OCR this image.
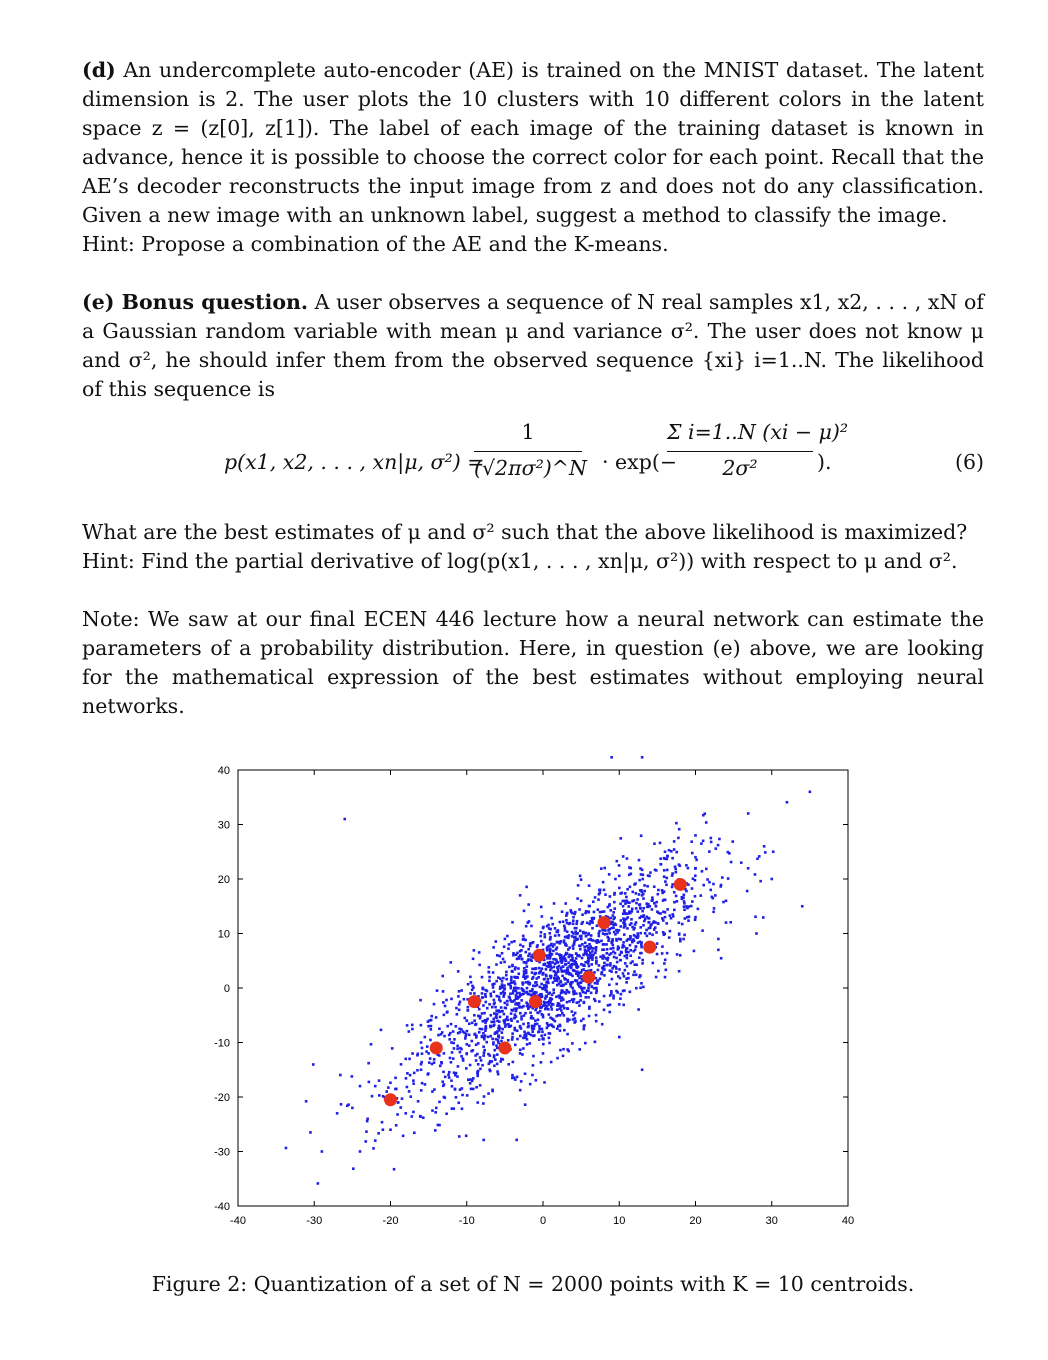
(d) An undercomplete auto-encoder (AE) is trained on the MNIST dataset. The latent dimension is 2. The user plots the 10 clusters with 10 different colors in the latent space z = (z[0], z[1]). The label of each image of the training dataset is known in advance, hence it is possible to choose the correct color for each point. Recall that the AE’s decoder reconstructs the input image from z and does not do any classification. Given a new image with an unknown label, suggest a method to classify the image.
Hint: Propose a combination of the AE and the K-means.

(e) Bonus question. A user observes a sequence of N real samples x1, x2, . . . , xN of a Gaussian random variable with mean μ and variance σ². The user does not know μ and σ², he should infer them from the observed sequence {xi} i=1..N. The likelihood of this sequence is

p(x1, x2, . . . , xn|μ, σ²) =
1
(√2πσ²)^N · exp(−
Σ i=1..N (xi − μ)²
2σ²	).	(6)

What are the best estimates of μ and σ² such that the above likelihood is maximized?
Hint: Find the partial derivative of log(p(x1, . . . , xn|μ, σ²)) with respect to μ and σ².

Note: We saw at our final ECEN 446 lecture how a neural network can estimate the parameters of a probability distribution. Here, in question (e) above, we are looking for the mathematical expression of the best estimates without employing neural networks.

-40	-30	-20	-10	0	10	20	30	40
40
30
20
10
0
-10
-20
-30
-40
Figure 2: Quantization of a set of N = 2000 points with K = 10 centroids.
